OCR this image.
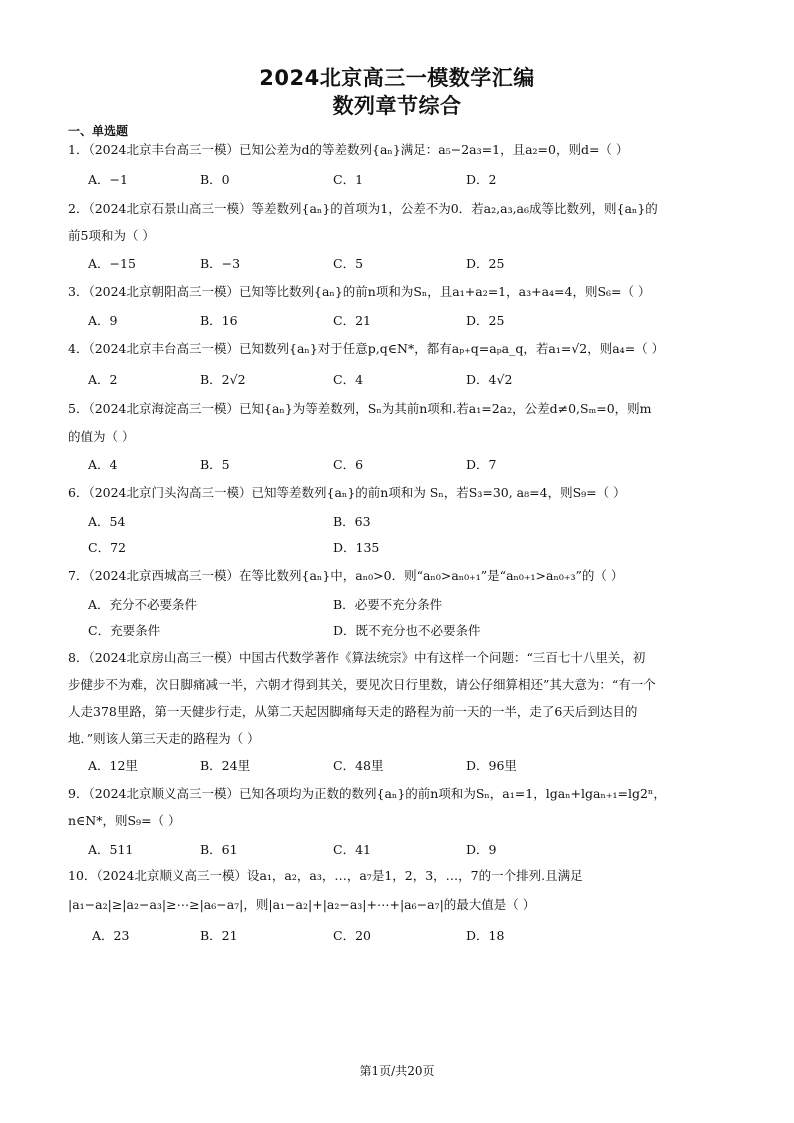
2024北京高三一模数学汇编
数列章节综合
一、单选题
1．（2024北京丰台高三一模）已知公差为d的等差数列{aₙ}满足：a₅−2a₃=1，且a₂=0，则d=（ ）
A．−1	B．0	C．1	D．2
2．（2024北京石景山高三一模）等差数列{aₙ}的首项为1，公差不为0．若a₂,a₃,a₆成等比数列，则{aₙ}的
前5项和为（ ）
A．−15	B．−3	C．5	D．25
3．（2024北京朝阳高三一模）已知等比数列{aₙ}的前n项和为Sₙ，且a₁+a₂=1，a₃+a₄=4，则S₆=（ ）
A．9	B．16	C．21	D．25
4．（2024北京丰台高三一模）已知数列{aₙ}对于任意p,q∈N*，都有aₚ₊q=aₚa_q，若a₁=√2，则a₄=（ ）
A．2	B．2√2	C．4	D．4√2
5．（2024北京海淀高三一模）已知{aₙ}为等差数列，Sₙ为其前n项和.若a₁=2a₂，公差d≠0,Sₘ=0，则m
的值为（ ）
A．4	B．5	C．6	D．7
6．（2024北京门头沟高三一模）已知等差数列{aₙ}的前n项和为 Sₙ，若S₃=30, a₈=4，则S₉=（ ）
A．54	B．63
C．72	D．135
7．（2024北京西城高三一模）在等比数列{aₙ}中，aₙ₀>0．则“aₙ₀>aₙ₀₊₁”是“aₙ₀₊₁>aₙ₀₊₃”的（ ）
A．充分不必要条件	B．必要不充分条件
C．充要条件	D．既不充分也不必要条件
8．（2024北京房山高三一模）中国古代数学著作《算法统宗》中有这样一个问题：“三百七十八里关，初
步健步不为难，次日脚痛减一半，六朝才得到其关，要见次日行里数，请公仔细算相还”其大意为：“有一个
人走378里路，第一天健步行走，从第二天起因脚痛每天走的路程为前一天的一半，走了6天后到达目的
地．”则该人第三天走的路程为（ ）
A．12里	B．24里	C．48里	D．96里
9．（2024北京顺义高三一模）已知各项均为正数的数列{aₙ}的前n项和为Sₙ，a₁=1，lgaₙ+lgaₙ₊₁=lg2ⁿ，
n∈N*，则S₉=（ ）
A．511	B．61	C．41	D．9
10．（2024北京顺义高三一模）设a₁，a₂，a₃，…，a₇是1，2，3，…，7的一个排列.且满足
|a₁−a₂|≥|a₂−a₃|≥⋯≥|a₆−a₇|，则|a₁−a₂|+|a₂−a₃|+⋯+|a₆−a₇|的最大值是（ ）
A．23	B．21	C．20	D．18
第1页/共20页
